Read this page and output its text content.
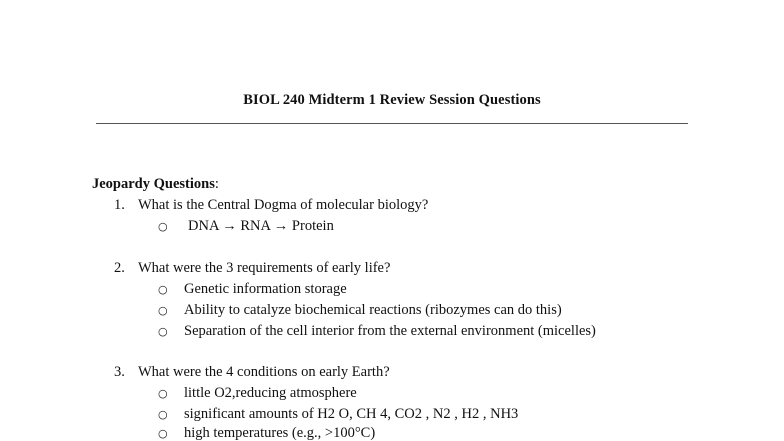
BIOL 240 Midterm 1 Review Session Questions
Jeopardy Questions:
1. What is the Central Dogma of molecular biology?
○ DNA → RNA → Protein
2. What were the 3 requirements of early life?
○ Genetic information storage
○ Ability to catalyze biochemical reactions (ribozymes can do this)
○ Separation of the cell interior from the external environment (micelles)
3. What were the 4 conditions on early Earth?
○ little O2,reducing atmosphere
○ significant amounts of H2 O, CH 4, CO2 , N2 , H2 , NH3
○ high temperatures (e.g., >100°C)
